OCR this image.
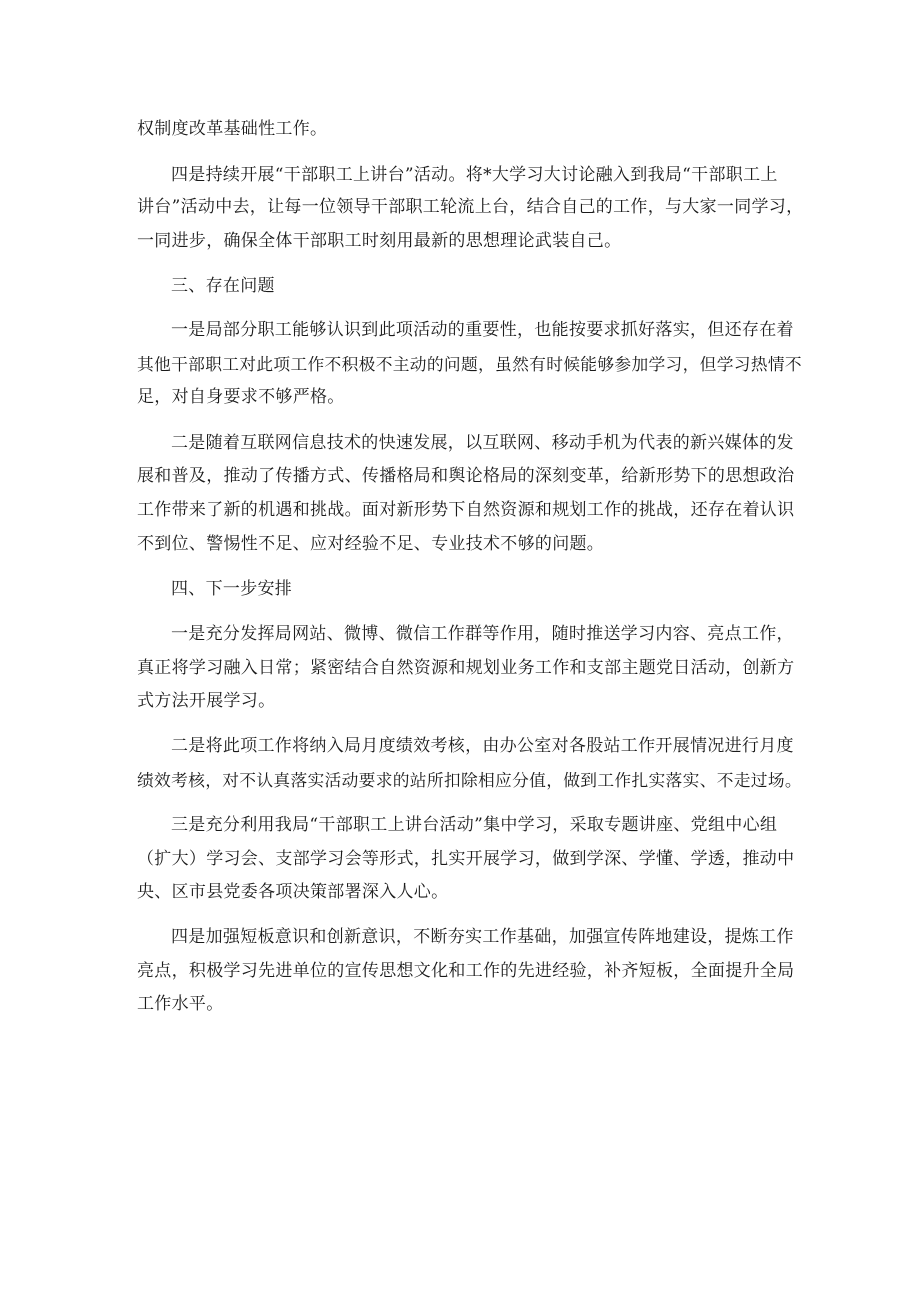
权制度改革基础性工作。
四是持续开展“干部职工上讲台”活动。将*大学习大讨论融入到我局“干部职工上
讲台”活动中去，让每一位领导干部职工轮流上台，结合自己的工作，与大家一同学习，
一同进步，确保全体干部职工时刻用最新的思想理论武装自己。
三、存在问题
一是局部分职工能够认识到此项活动的重要性，也能按要求抓好落实，但还存在着
其他干部职工对此项工作不积极不主动的问题，虽然有时候能够参加学习，但学习热情不
足，对自身要求不够严格。
二是随着互联网信息技术的快速发展，以互联网、移动手机为代表的新兴媒体的发
展和普及，推动了传播方式、传播格局和舆论格局的深刻变革，给新形势下的思想政治
工作带来了新的机遇和挑战。面对新形势下自然资源和规划工作的挑战，还存在着认识
不到位、警惕性不足、应对经验不足、专业技术不够的问题。
四、下一步安排
一是充分发挥局网站、微博、微信工作群等作用，随时推送学习内容、亮点工作，
真正将学习融入日常；紧密结合自然资源和规划业务工作和支部主题党日活动，创新方
式方法开展学习。
二是将此项工作将纳入局月度绩效考核，由办公室对各股站工作开展情况进行月度
绩效考核，对不认真落实活动要求的站所扣除相应分值，做到工作扎实落实、不走过场。
三是充分利用我局“干部职工上讲台活动”集中学习，采取专题讲座、党组中心组
（扩大）学习会、支部学习会等形式，扎实开展学习，做到学深、学懂、学透，推动中
央、区市县党委各项决策部署深入人心。
四是加强短板意识和创新意识，不断夯实工作基础，加强宣传阵地建设，提炼工作
亮点，积极学习先进单位的宣传思想文化和工作的先进经验，补齐短板，全面提升全局
工作水平。
